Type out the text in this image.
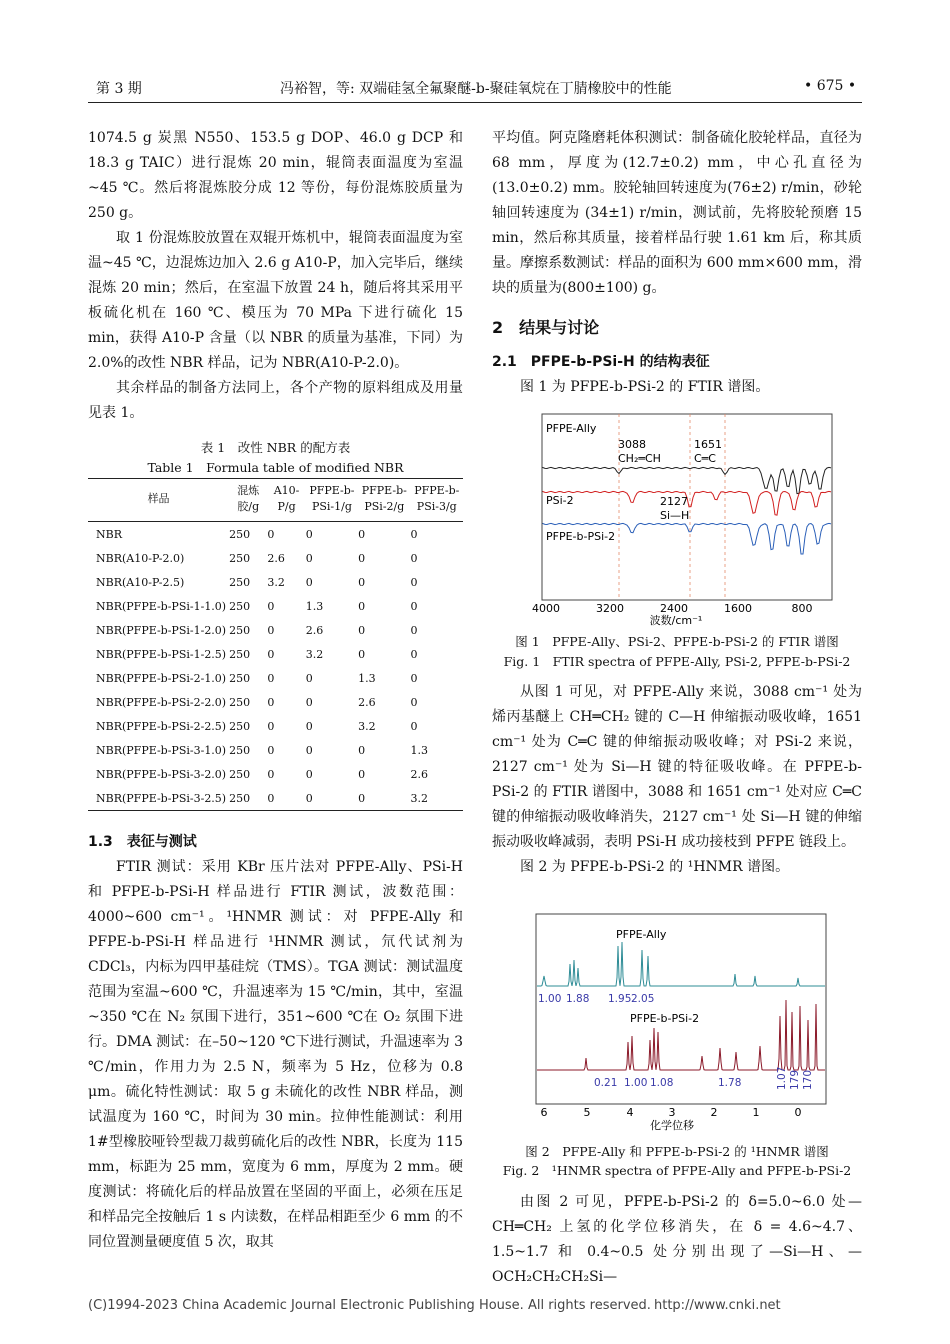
第 3 期	冯裕智，等: 双端硅氢全氟聚醚-b-聚硅氧烷在丁腈橡胶中的性能	• 675 •

1074.5 g 炭黑 N550、153.5 g DOP、46.0 g DCP 和 18.3 g TAIC）进行混炼 20 min，辊筒表面温度为室温~45 ℃。然后将混炼胶分成 12 等份，每份混炼胶质量为 250 g。

取 1 份混炼胶放置在双辊开炼机中，辊筒表面温度为室温~45 ℃，边混炼边加入 2.6 g A10-P，加入完毕后，继续混炼 20 min；然后，在室温下放置 24 h，随后将其采用平板硫化机在 160 ℃、模压为 70 MPa 下进行硫化 15 min，获得 A10-P 含量（以 NBR 的质量为基准，下同）为 2.0%的改性 NBR 样品，记为 NBR(A10-P-2.0)。

其余样品的制备方法同上，各个产物的原料组成及用量见表 1。

表 1　改性 NBR 的配方表
Table 1　Formula table of modified NBR
样品	混炼胶/g	A10-P/g	PFPE-b-PSi-1/g	PFPE-b-PSi-2/g	PFPE-b-PSi-3/g
NBR	250	0	0	0	0
NBR(A10-P-2.0)	250	2.6	0	0	0
NBR(A10-P-2.5)	250	3.2	0	0	0
NBR(PFPE-b-PSi-1-1.0)	250	0	1.3	0	0
NBR(PFPE-b-PSi-1-2.0)	250	0	2.6	0	0
NBR(PFPE-b-PSi-1-2.5)	250	0	3.2	0	0
NBR(PFPE-b-PSi-2-1.0)	250	0	0	1.3	0
NBR(PFPE-b-PSi-2-2.0)	250	0	0	2.6	0
NBR(PFPE-b-PSi-2-2.5)	250	0	0	3.2	0
NBR(PFPE-b-PSi-3-1.0)	250	0	0	0	1.3
NBR(PFPE-b-PSi-3-2.0)	250	0	0	0	2.6
NBR(PFPE-b-PSi-3-2.5)	250	0	0	0	3.2

1.3　表征与测试

FTIR 测试：采用 KBr 压片法对 PFPE-Ally、PSi-H 和 PFPE-b-PSi-H 样品进行 FTIR 测试，波数范围：4000~600 cm⁻¹。¹HNMR 测试：对 PFPE-Ally 和 PFPE-b-PSi-H 样品进行 ¹HNMR 测试，氘代试剂为 CDCl₃，内标为四甲基硅烷（TMS）。TGA 测试：测试温度范围为室温~600 ℃，升温速率为 15 ℃/min，其中，室温~350 ℃在 N₂ 氛围下进行，351~600 ℃在 O₂ 氛围下进行。DMA 测试：在–50~120 ℃下进行测试，升温速率为 3 ℃/min，作用力为 2.5 N，频率为 5 Hz，位移为 0.8 μm。硫化特性测试：取 5 g 未硫化的改性 NBR 样品，测试温度为 160 ℃，时间为 30 min。拉伸性能测试：利用 1#型橡胶哑铃型裁刀裁剪硫化后的改性 NBR，长度为 115 mm，标距为 25 mm，宽度为 6 mm，厚度为 2 mm。硬度测试：将硫化后的样品放置在坚固的平面上，必须在压足和样品完全按触后 1 s 内读数，在样品相距至少 6 mm 的不同位置测量硬度值 5 次，取其

平均值。阿克隆磨耗体积测试：制备硫化胶轮样品，直径为 68 mm，厚度为(12.7±0.2) mm，中心孔直径为(13.0±0.2) mm。胶轮轴回转速度为(76±2) r/min，砂轮轴回转速度为 (34±1) r/min，测试前，先将胶轮预磨 15 min，然后称其质量，接着样品行驶 1.61 km 后，称其质量。摩擦系数测试：样品的面积为 600 mm×600 mm，滑块的质量为(800±100) g。

2　结果与讨论

2.1　PFPE-b-PSi-H 的结构表征

图 1 为 PFPE-b-PSi-2 的 FTIR 谱图。

PFPE-Ally
PSi-2
PFPE-b-PSi-2
3088
CH₂═CH
1651
C═C
2127
Si—H
4000	3200	2400	1600	800
波数/cm⁻¹
图 1　PFPE-Ally、PSi-2、PFPE-b-PSi-2 的 FTIR 谱图
Fig. 1　FTIR spectra of PFPE-Ally, PSi-2, PFPE-b-PSi-2

从图 1 可见，对 PFPE-Ally 来说，3088 cm⁻¹ 处为烯丙基醚上 CH═CH₂ 键的 C—H 伸缩振动吸收峰，1651 cm⁻¹ 处为 C═C 键的伸缩振动吸收峰；对 PSi-2 来说，2127 cm⁻¹ 处为 Si—H 键的特征吸收峰。在 PFPE-b-PSi-2 的 FTIR 谱图中，3088 和 1651 cm⁻¹ 处对应 C═C 键的伸缩振动吸收峰消失，2127 cm⁻¹ 处 Si—H 键的伸缩振动吸收峰减弱，表明 PSi-H 成功接枝到 PFPE 链段上。

图 2 为 PFPE-b-PSi-2 的 ¹HNMR 谱图。

PFPE-Ally
PFPE-b-PSi-2
1.00 1.88 1.95 2.05
0.21 1.00 1.08	1.78	1.07 179 170
6	5	4	3	2	1	0
化学位移
图 2　PFPE-Ally 和 PFPE-b-PSi-2 的 ¹HNMR 谱图
Fig. 2　¹HNMR spectra of PFPE-Ally and PFPE-b-PSi-2

由图 2 可见，PFPE-b-PSi-2 的 δ=5.0~6.0 处—CH═CH₂ 上氢的化学位移消失，在 δ = 4.6~4.7、1.5~1.7 和 0.4~0.5 处分别出现了—Si—H、—OCH₂CH₂CH₂Si—

(C)1994-2023 China Academic Journal Electronic Publishing House. All rights reserved. http://www.cnki.net
